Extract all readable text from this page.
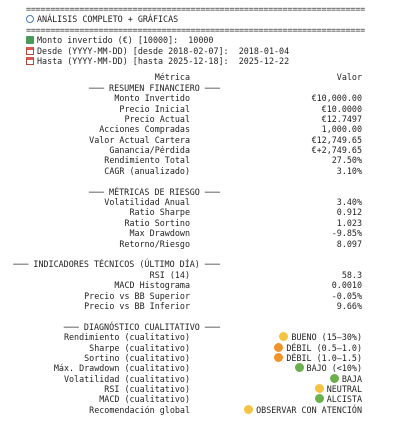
======================================================================
ANÁLISIS COMPLETO + GRÁFICAS
======================================================================
Monto invertido (€) [10000]:  10000
Desde (YYYY-MM-DD) [desde 2018-02-07]:  2018-01-04
Hasta (YYYY-MM-DD) [hasta 2025-12-18]:  2025-12-22
Métrica	Valor
─── RESUMEN FINANCIERO ───
Monto Invertido	€10,000.00
Precio Inicial	€10.0000
Precio Actual	€12.7497
Acciones Compradas	1,000.00
Valor Actual Cartera	€12,749.65
Ganancia/Pérdida	€+2,749.65
Rendimiento Total	27.50%
CAGR (anualizado)	3.10%
─── MÉTRICAS DE RIESGO ───
Volatilidad Anual	3.40%
Ratio Sharpe	0.912
Ratio Sortino	1.023
Max Drawdown	-9.85%
Retorno/Riesgo	8.097
─── INDICADORES TÉCNICOS (ÚLTIMO DÍA) ───
RSI (14)	58.3
MACD Histograma	0.0010
Precio vs BB Superior	-0.05%
Precio vs BB Inferior	9.66%
─── DIAGNÓSTICO CUALITATIVO ───
Rendimiento (cualitativo)	BUENO (15–30%)
Sharpe (cualitativo)	DÉBIL (0.5–1.0)
Sortino (cualitativo)	DÉBIL (1.0–1.5)
Máx. Drawdown (cualitativo)	BAJO (<10%)
Volatilidad (cualitativo)	BAJA
RSI (cualitativo)	NEUTRAL
MACD (cualitativo)	ALCISTA
Recomendación global	OBSERVAR CON ATENCIÓN
